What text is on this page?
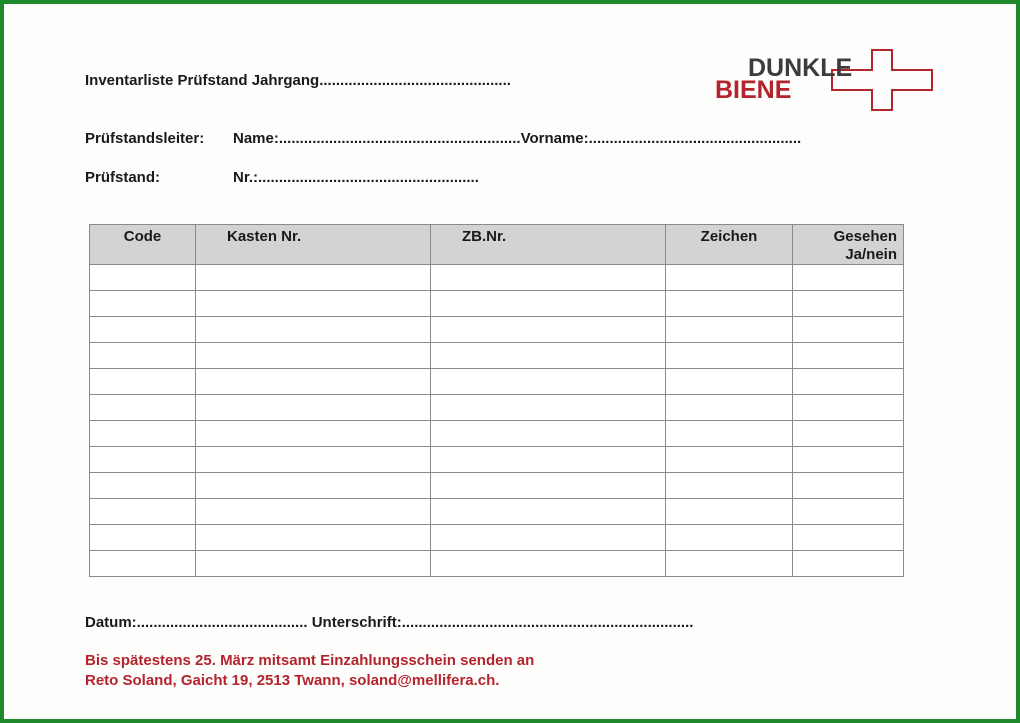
Inventarliste Prüfstand Jahrgang..............................................	DUNKLE
BIENE
Prüfstandsleiter: Name:..........................................................Vorname:...................................................
Prüfstand:	Nr.:.....................................................
Code	Kasten Nr.	ZB.Nr.	Zeichen	Gesehen Ja/nein

Datum:......................................... Unterschrift:......................................................................
Bis spätestens 25. März mitsamt Einzahlungsschein senden an
Reto Soland, Gaicht 19, 2513 Twann, soland@mellifera.ch.
